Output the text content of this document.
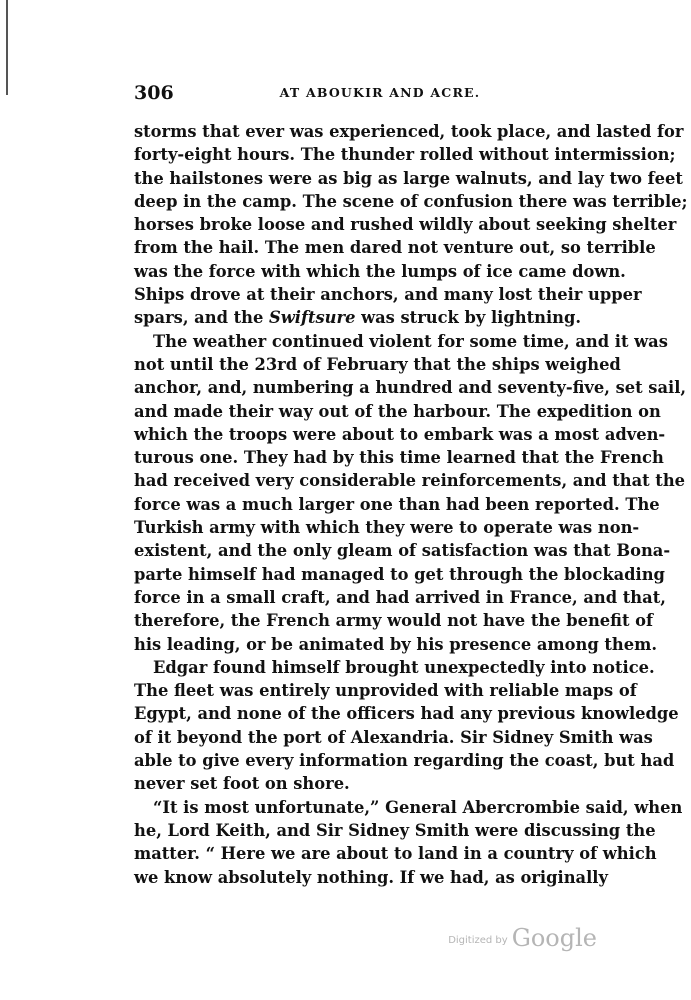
306	AT ABOUKIR AND ACRE.
storms that ever was experienced, took place, and lasted for
forty-eight hours. The thunder rolled without intermission;
the hailstones were as big as large walnuts, and lay two feet
deep in the camp. The scene of confusion there was terrible;
horses broke loose and rushed wildly about seeking shelter
from the hail. The men dared not venture out, so terrible
was the force with which the lumps of ice came down.
Ships drove at their anchors, and many lost their upper
spars, and the Swiftsure was struck by lightning.
The weather continued violent for some time, and it was
not until the 23rd of February that the ships weighed
anchor, and, numbering a hundred and seventy-five, set sail,
and made their way out of the harbour. The expedition on
which the troops were about to embark was a most adven-
turous one. They had by this time learned that the French
had received very considerable reinforcements, and that the
force was a much larger one than had been reported. The
Turkish army with which they were to operate was non-
existent, and the only gleam of satisfaction was that Bona-
parte himself had managed to get through the blockading
force in a small craft, and had arrived in France, and that,
therefore, the French army would not have the benefit of
his leading, or be animated by his presence among them.
Edgar found himself brought unexpectedly into notice.
The fleet was entirely unprovided with reliable maps of
Egypt, and none of the officers had any previous knowledge
of it beyond the port of Alexandria. Sir Sidney Smith was
able to give every information regarding the coast, but had
never set foot on shore.
“It is most unfortunate,” General Abercrombie said, when
he, Lord Keith, and Sir Sidney Smith were discussing the
matter. “ Here we are about to land in a country of which
we know absolutely nothing. If we had, as originally
Digitized by Google
